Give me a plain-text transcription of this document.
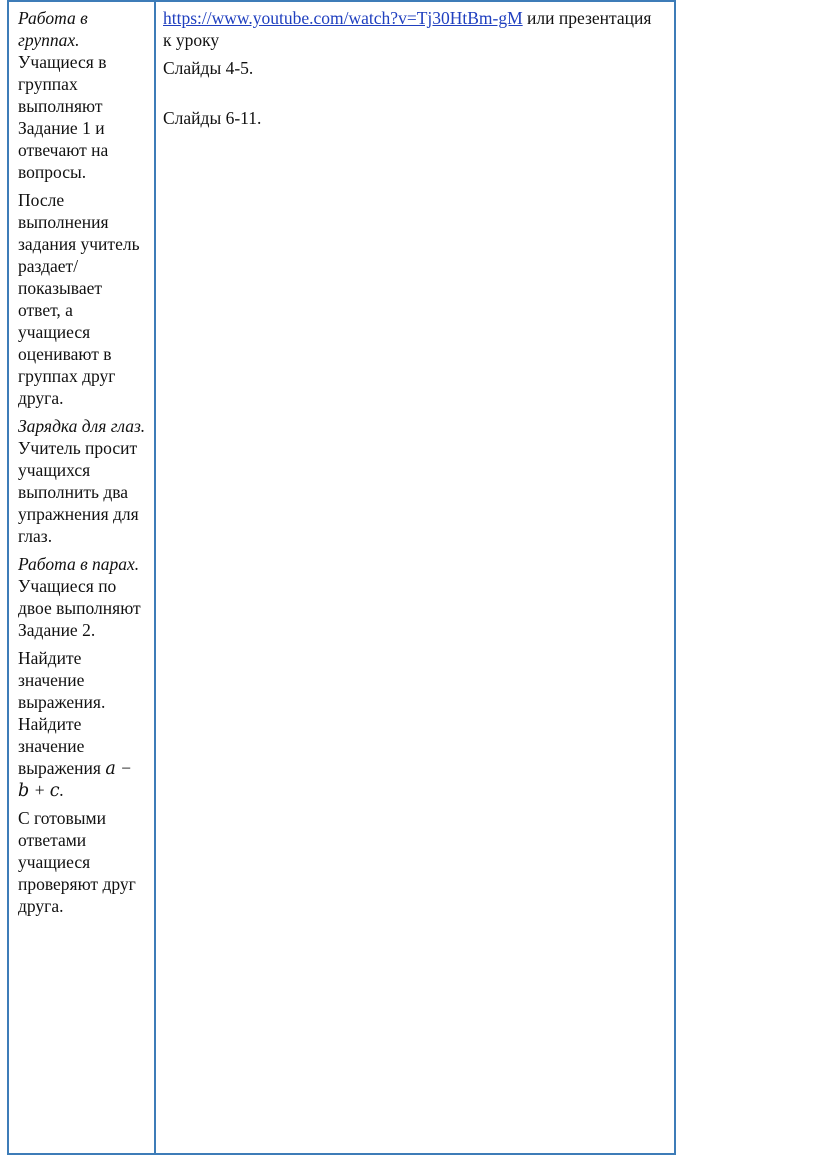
Работа в группах. Учащиеся в группах выполняют Задание 1 и отвечают на вопросы.

После выполнения задания учитель раздает/показывает ответ, а учащиеся оценивают в группах друг друга.

Зарядка для глаз. Учитель просит учащихся выполнить два упражнения для глаз.

Работа в парах. Учащиеся по двое выполняют Задание 2.

Найдите значение выражения. Найдите значение выражения 𝑎 − 𝑏 + 𝑐.

С готовыми ответами учащиеся проверяют друг друга.

https://www.youtube.com/watch?v=Tj30HtBm-gM или презентация к уроку

Слайды 4-5.

Слайды 6-11.
